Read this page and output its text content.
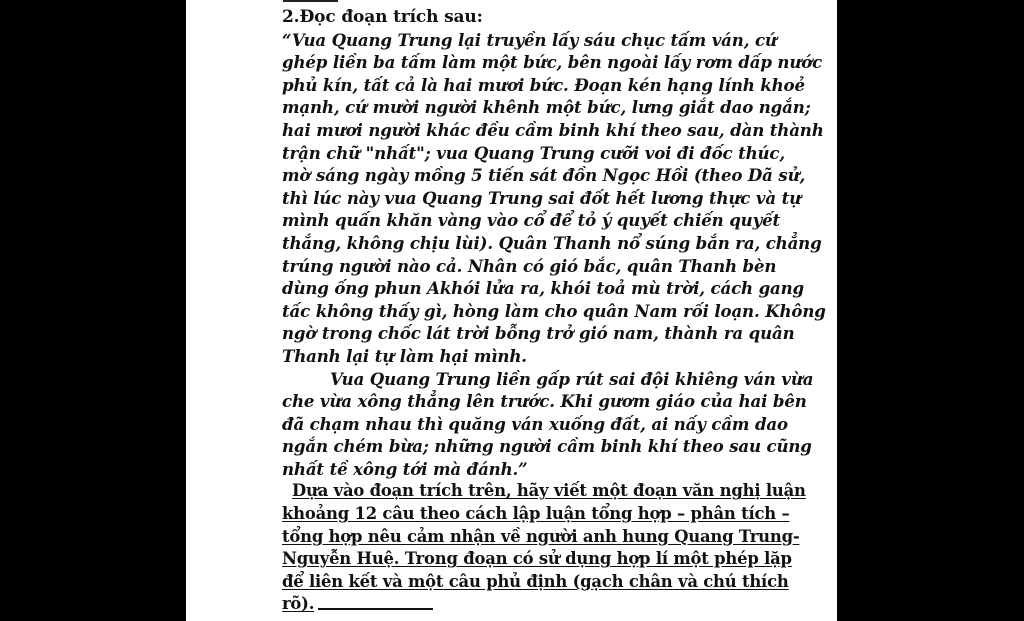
2.Đọc đoạn trích sau:
“Vua Quang Trung lại truyền lấy sáu chục tấm ván, cứ
ghép liền ba tấm làm một bức, bên ngoài lấy rơm dấp nước
phủ kín, tất cả là hai mươi bức. Đoạn kén hạng lính khoẻ
mạnh, cứ mười người khênh một bức, lưng giắt dao ngắn;
hai mươi người khác đều cầm binh khí theo sau, dàn thành
trận chữ "nhất"; vua Quang Trung cưỡi voi đi đốc thúc,
mờ sáng ngày mồng 5 tiến sát đồn Ngọc Hồi (theo Dã sử,
thì lúc này vua Quang Trung sai đốt hết lương thực và tự
mình quấn khăn vàng vào cổ để tỏ ý quyết chiến quyết
thắng, không chịu lùi). Quân Thanh nổ súng bắn ra, chẳng
trúng người nào cả. Nhân có gió bắc, quân Thanh bèn
dùng ống phun Akhói lửa ra, khói toả mù trời, cách gang
tấc không thấy gì, hòng làm cho quân Nam rối loạn. Không
ngờ trong chốc lát trời bỗng trở gió nam, thành ra quân
Thanh lại tự làm hại mình.
Vua Quang Trung liền gấp rút sai đội khiêng ván vừa
che vừa xông thẳng lên trước. Khi gươm giáo của hai bên
đã chạm nhau thì quăng ván xuống đất, ai nấy cầm dao
ngắn chém bừa; những người cầm binh khí theo sau cũng
nhất tề xông tới mà đánh.”
Dựa vào đoạn trích trên, hãy viết một đoạn văn nghị luận
khoảng 12 câu theo cách lập luận tổng hợp – phân tích –
tổng hợp nêu cảm nhận về người anh hung Quang Trung-
Nguyễn Huệ. Trong đoạn có sử dụng hợp lí một phép lặp
để liên kết và một câu phủ định (gạch chân và chú thích
rõ).
